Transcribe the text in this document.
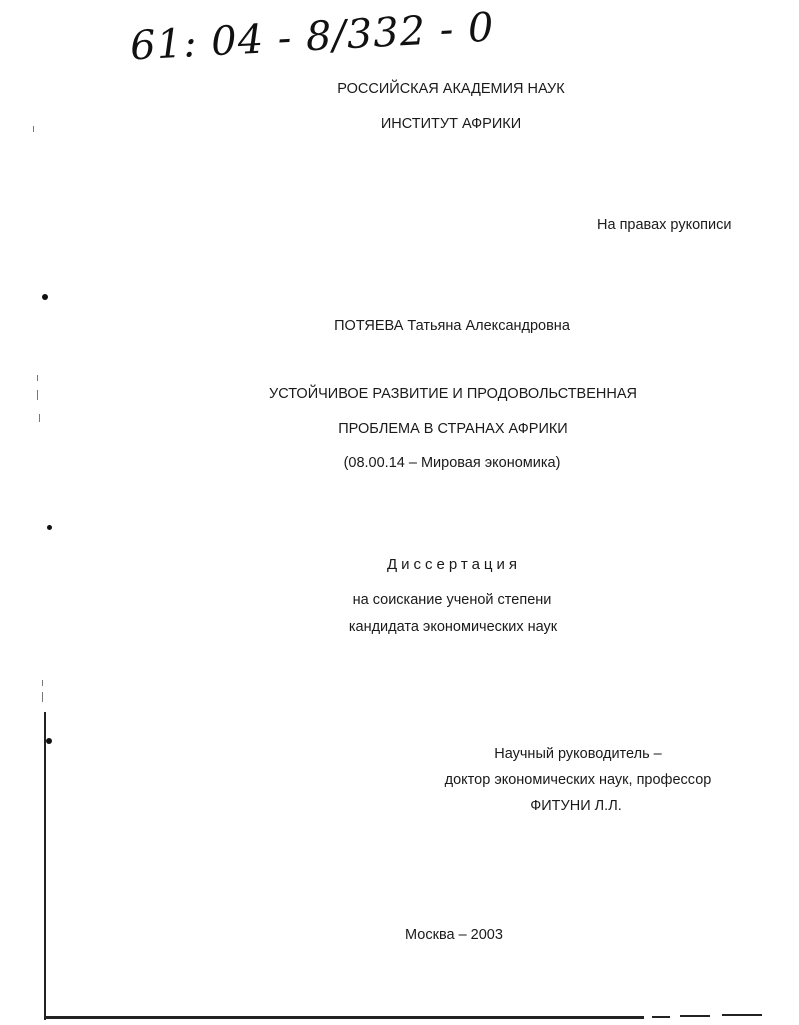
61: 04 - 8/332 - 0
РОССИЙСКАЯ АКАДЕМИЯ НАУК
ИНСТИТУТ АФРИКИ
На правах рукописи
ПОТЯЕВА Татьяна Александровна
УСТОЙЧИВОЕ РАЗВИТИЕ И ПРОДОВОЛЬСТВЕННАЯ
ПРОБЛЕМА В СТРАНАХ АФРИКИ
(08.00.14 – Мировая экономика)
Диссертация
на соискание ученой степени
кандидата экономических наук
Научный руководитель –
доктор экономических наук, профессор
ФИТУНИ Л.Л.
Москва – 2003
